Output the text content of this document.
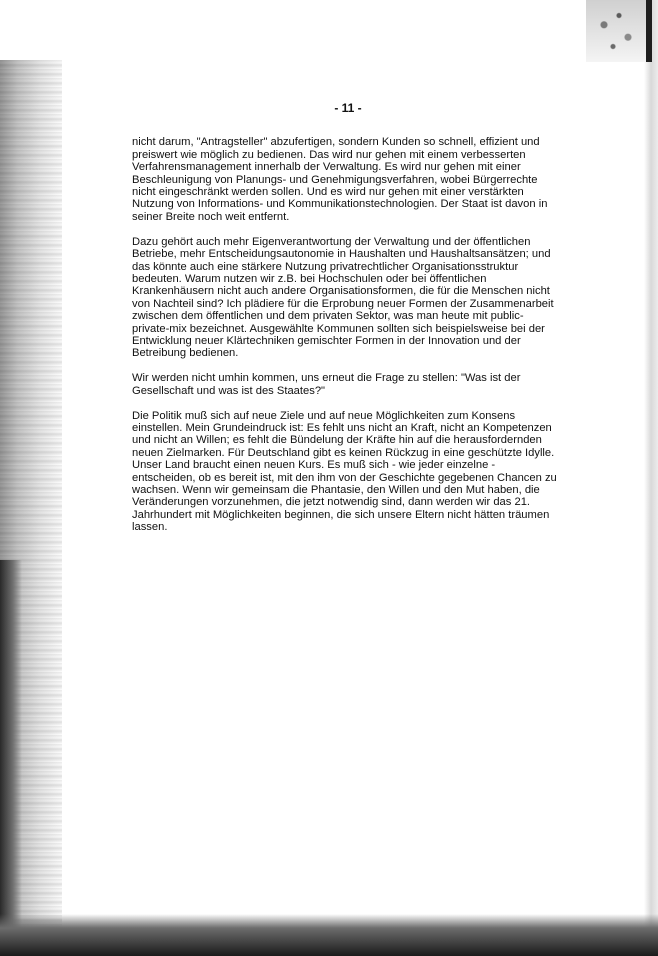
- 11 -
nicht darum, "Antragsteller" abzufertigen, sondern Kunden so schnell, effizient und
preiswert wie möglich zu bedienen. Das wird nur gehen mit einem verbesserten
Verfahrensmanagement innerhalb der Verwaltung. Es wird nur gehen mit einer
Beschleunigung von Planungs- und Genehmigungsverfahren, wobei Bürgerrechte
nicht eingeschränkt werden sollen. Und es wird nur gehen mit einer verstärkten
Nutzung von Informations- und Kommunikationstechnologien. Der Staat ist davon in
seiner Breite noch weit entfernt.
Dazu gehört auch mehr Eigenverantwortung der Verwaltung und der öffentlichen
Betriebe, mehr Entscheidungsautonomie in Haushalten und Haushaltsansätzen; und
das könnte auch eine stärkere Nutzung privatrechtlicher Organisationsstruktur
bedeuten. Warum nutzen wir z.B. bei Hochschulen oder bei öffentlichen
Krankenhäusern nicht auch andere Organisationsformen, die für die Menschen nicht
von Nachteil sind? Ich plädiere für die Erprobung neuer Formen der Zusammenarbeit
zwischen dem öffentlichen und dem privaten Sektor, was man heute mit public-
private-mix bezeichnet. Ausgewählte Kommunen sollten sich beispielsweise bei der
Entwicklung neuer Klärtechniken gemischter Formen in der Innovation und der
Betreibung bedienen.
Wir werden nicht umhin kommen, uns erneut die Frage zu stellen: "Was ist der
Gesellschaft und was ist des Staates?"
Die Politik muß sich auf neue Ziele und auf neue Möglichkeiten zum Konsens
einstellen. Mein Grundeindruck ist: Es fehlt uns nicht an Kraft, nicht an Kompetenzen
und nicht an Willen; es fehlt die Bündelung der Kräfte hin auf die herausfordernden
neuen Zielmarken. Für Deutschland gibt es keinen Rückzug in eine geschützte Idylle.
Unser Land braucht einen neuen Kurs. Es muß sich - wie jeder einzelne -
entscheiden, ob es bereit ist, mit den ihm von der Geschichte gegebenen Chancen zu
wachsen. Wenn wir gemeinsam die Phantasie, den Willen und den Mut haben, die
Veränderungen vorzunehmen, die jetzt notwendig sind, dann werden wir das 21.
Jahrhundert mit Möglichkeiten beginnen, die sich unsere Eltern nicht hätten träumen
lassen.
